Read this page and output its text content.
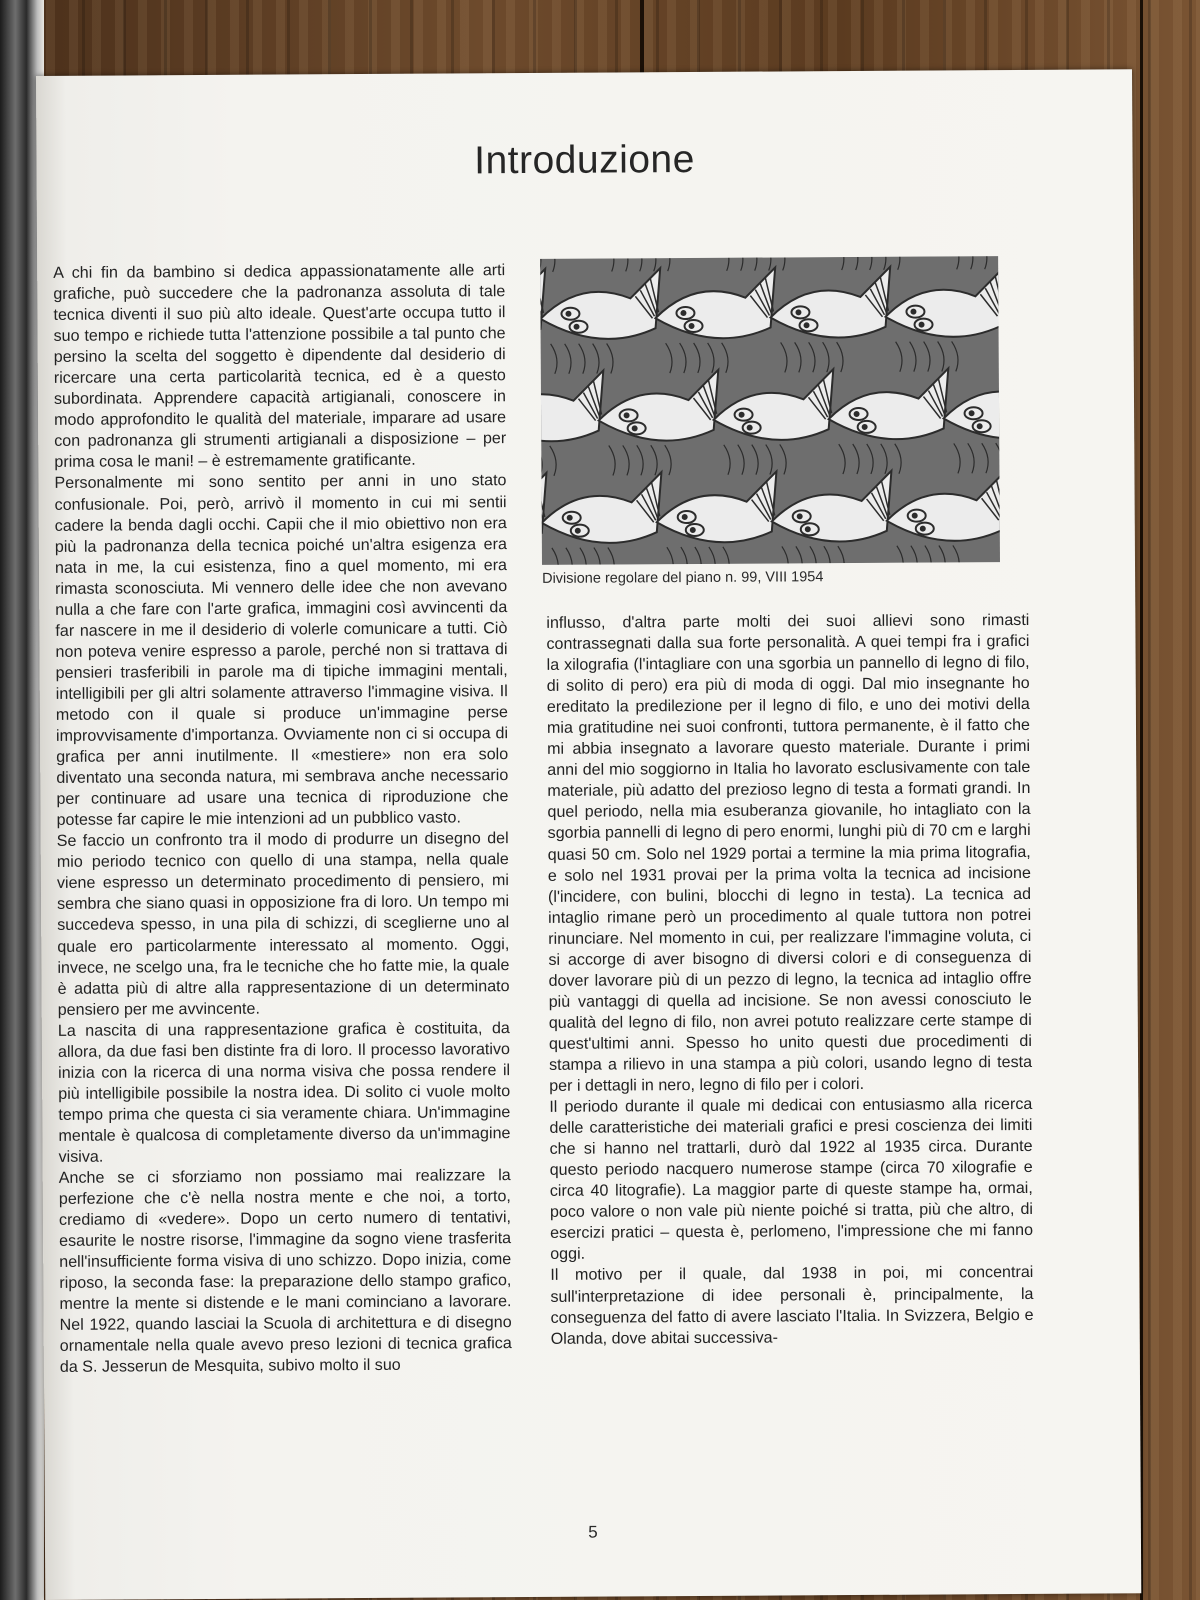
Introduzione

A chi fin da bambino si dedica appassionatamente alle arti grafiche, può succedere che la padronanza assoluta di tale tecnica diventi il suo più alto ideale. Quest'arte occupa tutto il suo tempo e richiede tutta l'attenzione possibile a tal punto che persino la scelta del soggetto è dipendente dal desiderio di ricercare una certa particolarità tecnica, ed è a questo subordinata. Apprendere capacità artigianali, conoscere in modo approfondito le qualità del materiale, imparare ad usare con padronanza gli strumenti artigianali a disposizione – per prima cosa le mani! – è estremamente gratificante.

Personalmente mi sono sentito per anni in uno stato confusionale. Poi, però, arrivò il momento in cui mi sentii cadere la benda dagli occhi. Capii che il mio obiettivo non era più la padronanza della tecnica poiché un'altra esigenza era nata in me, la cui esistenza, fino a quel momento, mi era rimasta sconosciuta. Mi vennero delle idee che non avevano nulla a che fare con l'arte grafica, immagini così avvincenti da far nascere in me il desiderio di volerle comunicare a tutti. Ciò non poteva venire espresso a parole, perché non si trattava di pensieri trasferibili in parole ma di tipiche immagini mentali, intelligibili per gli altri solamente attraverso l'immagine visiva. Il metodo con il quale si produce un'immagine perse improvvisamente d'importanza. Ovviamente non ci si occupa di grafica per anni inutilmente. Il «mestiere» non era solo diventato una seconda natura, mi sembrava anche necessario per continuare ad usare una tecnica di riproduzione che potesse far capire le mie intenzioni ad un pubblico vasto.

Se faccio un confronto tra il modo di produrre un disegno del mio periodo tecnico con quello di una stampa, nella quale viene espresso un determinato procedimento di pensiero, mi sembra che siano quasi in opposizione fra di loro. Un tempo mi succedeva spesso, in una pila di schizzi, di sceglierne uno al quale ero particolarmente interessato al momento. Oggi, invece, ne scelgo una, fra le tecniche che ho fatte mie, la quale è adatta più di altre alla rappresentazione di un determinato pensiero per me avvincente.

La nascita di una rappresentazione grafica è costituita, da allora, da due fasi ben distinte fra di loro. Il processo lavorativo inizia con la ricerca di una norma visiva che possa rendere il più intelligibile possibile la nostra idea. Di solito ci vuole molto tempo prima che questa ci sia veramente chiara. Un'immagine mentale è qualcosa di completamente diverso da un'immagine visiva.

Anche se ci sforziamo non possiamo mai realizzare la perfezione che c'è nella nostra mente e che noi, a torto, crediamo di «vedere». Dopo un certo numero di tentativi, esaurite le nostre risorse, l'immagine da sogno viene trasferita nell'insufficiente forma visiva di uno schizzo. Dopo inizia, come riposo, la seconda fase: la preparazione dello stampo grafico, mentre la mente si distende e le mani cominciano a lavorare. Nel 1922, quando lasciai la Scuola di architettura e di disegno ornamentale nella quale avevo preso lezioni di tecnica grafica da S. Jesserun de Mesquita, subivo molto il suo

Divisione regolare del piano n. 99, VIII 1954

influsso, d'altra parte molti dei suoi allievi sono rimasti contrassegnati dalla sua forte personalità. A quei tempi fra i grafici la xilografia (l'intagliare con una sgorbia un pannello di legno di filo, di solito di pero) era più di moda di oggi. Dal mio insegnante ho ereditato la predilezione per il legno di filo, e uno dei motivi della mia gratitudine nei suoi confronti, tuttora permanente, è il fatto che mi abbia insegnato a lavorare questo materiale. Durante i primi anni del mio soggiorno in Italia ho lavorato esclusivamente con tale materiale, più adatto del prezioso legno di testa a formati grandi. In quel periodo, nella mia esuberanza giovanile, ho intagliato con la sgorbia pannelli di legno di pero enormi, lunghi più di 70 cm e larghi quasi 50 cm. Solo nel 1929 portai a termine la mia prima litografia, e solo nel 1931 provai per la prima volta la tecnica ad incisione (l'incidere, con bulini, blocchi di legno in testa). La tecnica ad intaglio rimane però un procedimento al quale tuttora non potrei rinunciare. Nel momento in cui, per realizzare l'immagine voluta, ci si accorge di aver bisogno di diversi colori e di conseguenza di dover lavorare più di un pezzo di legno, la tecnica ad intaglio offre più vantaggi di quella ad incisione. Se non avessi conosciuto le qualità del legno di filo, non avrei potuto realizzare certe stampe di quest'ultimi anni. Spesso ho unito questi due procedimenti di stampa a rilievo in una stampa a più colori, usando legno di testa per i dettagli in nero, legno di filo per i colori.

Il periodo durante il quale mi dedicai con entusiasmo alla ricerca delle caratteristiche dei materiali grafici e presi coscienza dei limiti che si hanno nel trattarli, durò dal 1922 al 1935 circa. Durante questo periodo nacquero numerose stampe (circa 70 xilografie e circa 40 litografie). La maggior parte di queste stampe ha, ormai, poco valore o non vale più niente poiché si tratta, più che altro, di esercizi pratici – questa è, perlomeno, l'impressione che mi fanno oggi.

Il motivo per il quale, dal 1938 in poi, mi concentrai sull'interpretazione di idee personali è, principalmente, la conseguenza del fatto di avere lasciato l'Italia. In Svizzera, Belgio e Olanda, dove abitai successiva-

5
